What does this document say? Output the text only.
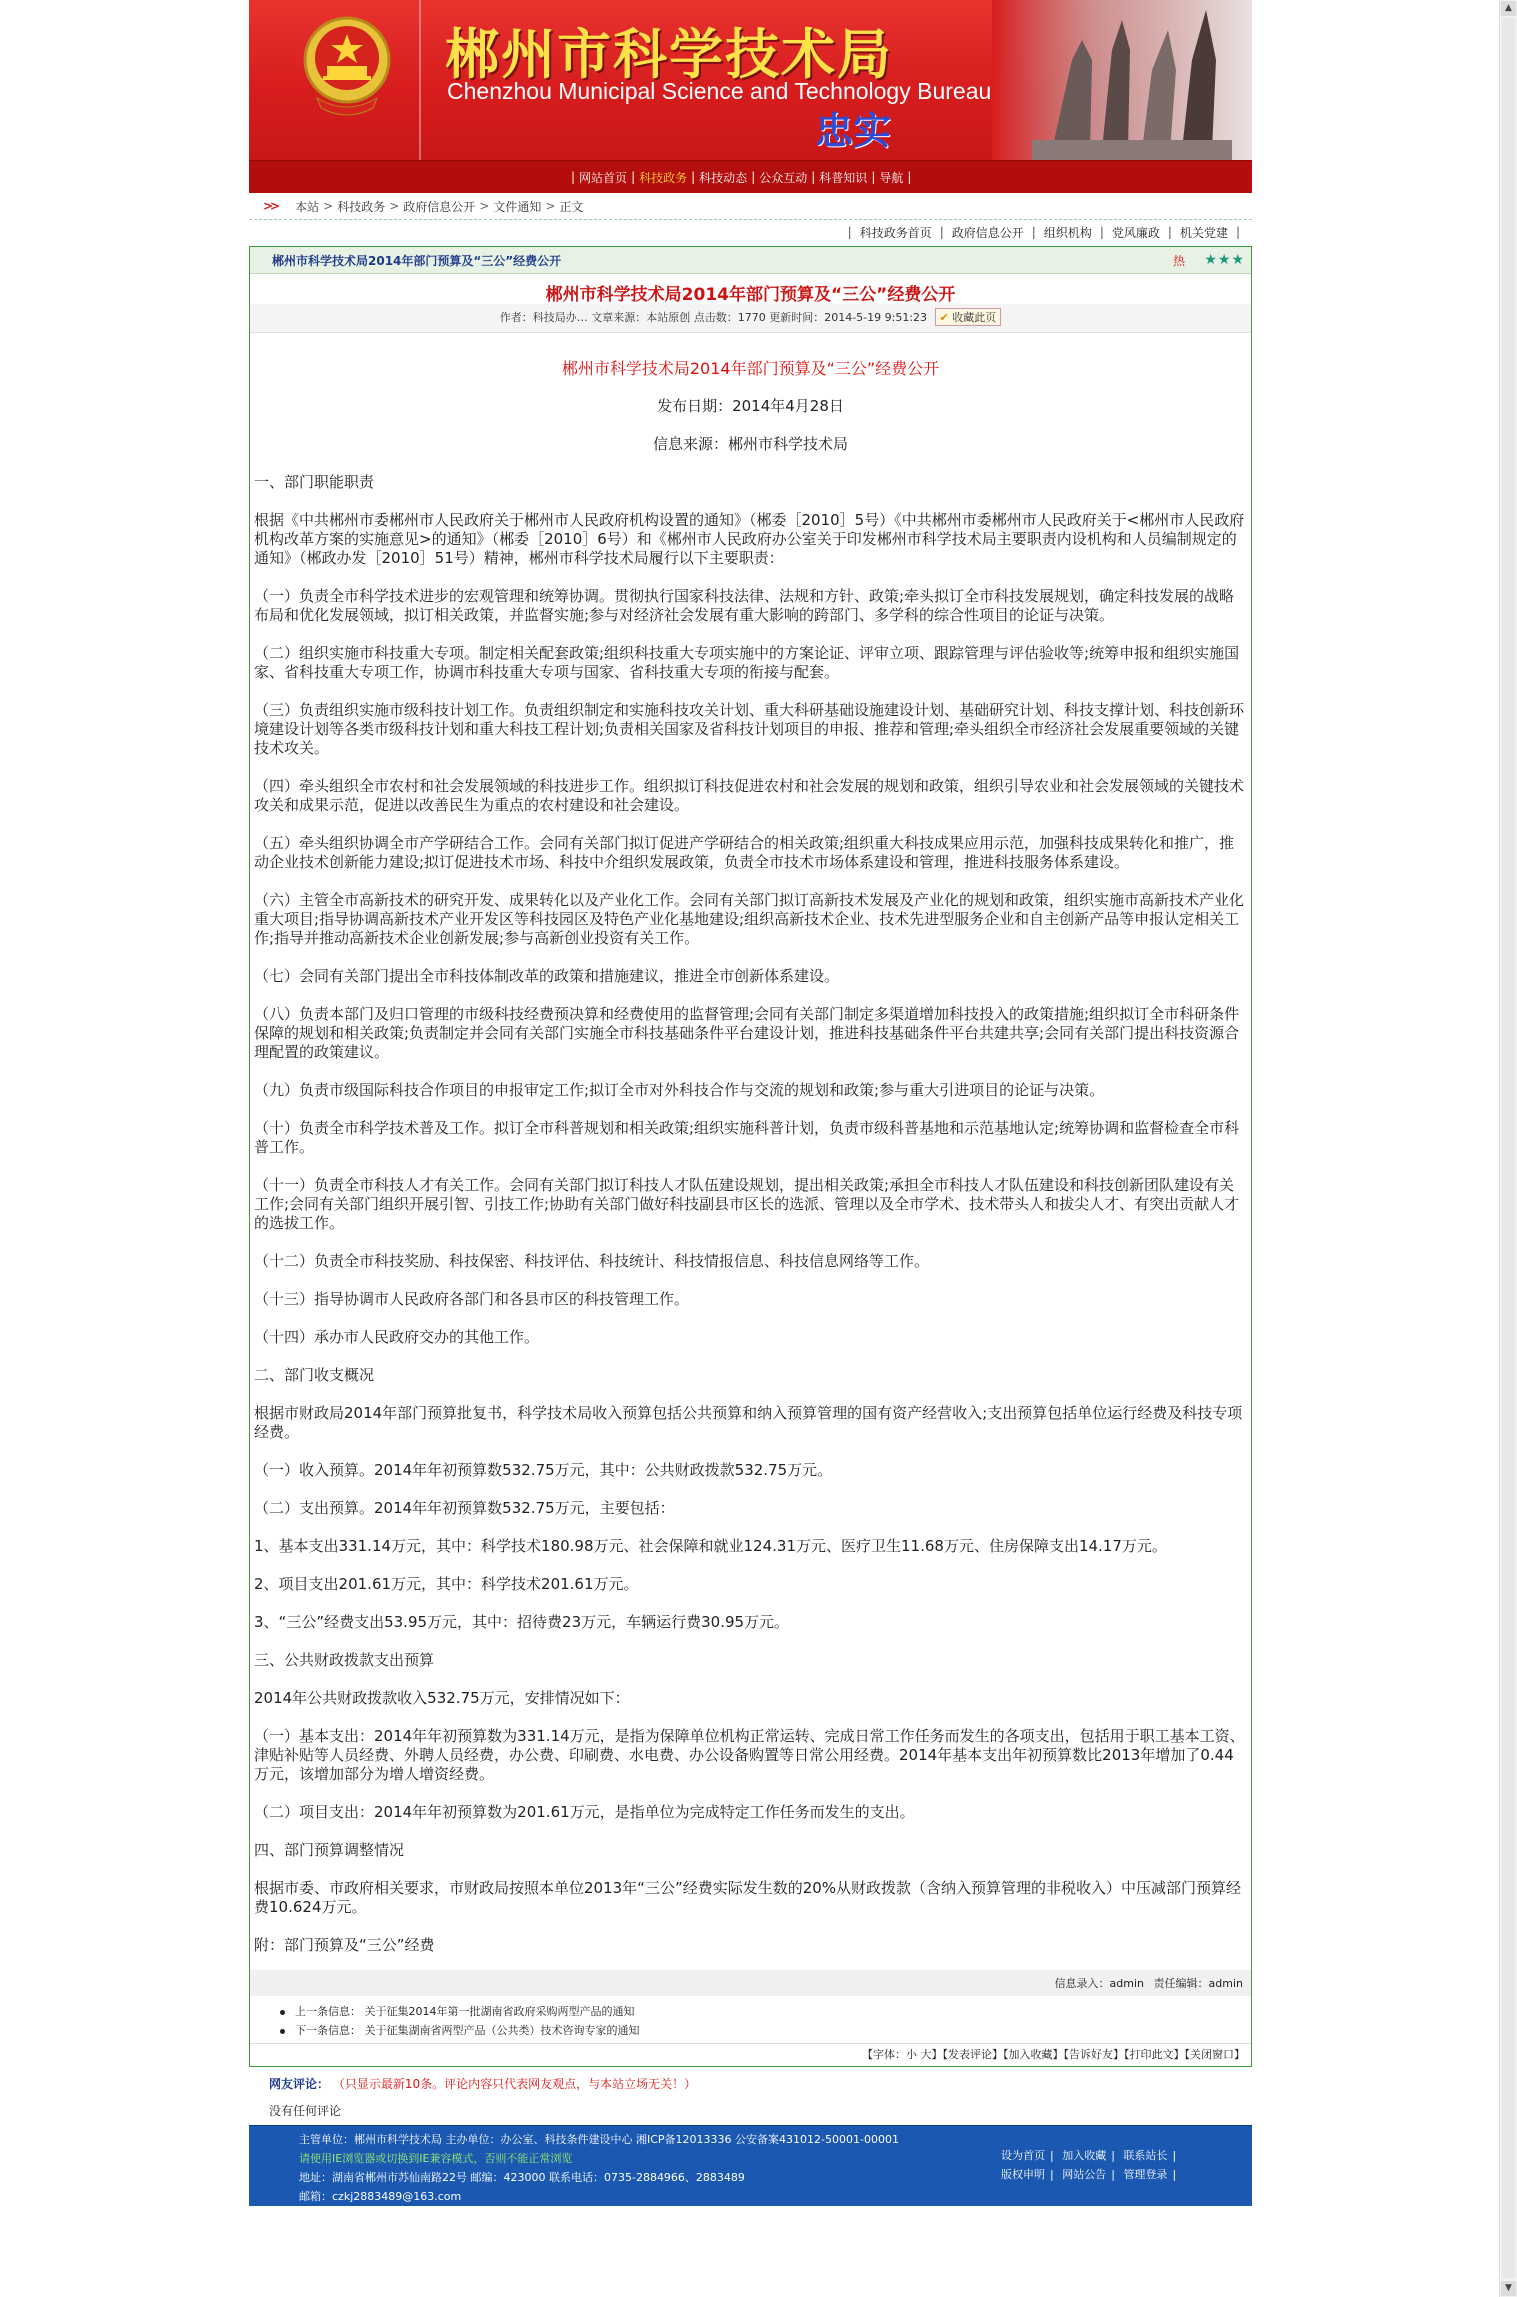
郴州市科学技术局
Chenzhou Municipal Science and Technology Bureau
忠实
| 网站首页 | 科技政务 | 科技动态 | 公众互动 | 科普知识 | 导航 |
>> 本站 > 科技政务 > 政府信息公开 > 文件通知 > 正文
| 科技政务首页 | 政府信息公开 | 组织机构 | 党风廉政 | 机关党建 |
郴州市科学技术局2014年部门预算及“三公”经费公开	热 ★★★
郴州市科学技术局2014年部门预算及“三公”经费公开
作者：科技局办… 文章来源：本站原创 点击数：1770 更新时间：2014-5-19 9:51:23 ✔ 收藏此页

郴州市科学技术局2014年部门预算及“三公”经费公开

发布日期：2014年4月28日

信息来源：郴州市科学技术局

一、部门职能职责

根据《中共郴州市委郴州市人民政府关于郴州市人民政府机构设置的通知》（郴委［2010］5号）《中共郴州市委郴州市人民政府关于<郴州市人民政府机构改革方案的实施意见>的通知》（郴委［2010］6号）和《郴州市人民政府办公室关于印发郴州市科学技术局主要职责内设机构和人员编制规定的通知》（郴政办发［2010］51号）精神，郴州市科学技术局履行以下主要职责：

（一）负责全市科学技术进步的宏观管理和统筹协调。贯彻执行国家科技法律、法规和方针、政策;牵头拟订全市科技发展规划，确定科技发展的战略布局和优化发展领域，拟订相关政策，并监督实施;参与对经济社会发展有重大影响的跨部门、多学科的综合性项目的论证与决策。

（二）组织实施市科技重大专项。制定相关配套政策;组织科技重大专项实施中的方案论证、评审立项、跟踪管理与评估验收等;统筹申报和组织实施国家、省科技重大专项工作，协调市科技重大专项与国家、省科技重大专项的衔接与配套。

（三）负责组织实施市级科技计划工作。负责组织制定和实施科技攻关计划、重大科研基础设施建设计划、基础研究计划、科技支撑计划、科技创新环境建设计划等各类市级科技计划和重大科技工程计划;负责相关国家及省科技计划项目的申报、推荐和管理;牵头组织全市经济社会发展重要领域的关键技术攻关。

（四）牵头组织全市农村和社会发展领域的科技进步工作。组织拟订科技促进农村和社会发展的规划和政策，组织引导农业和社会发展领域的关键技术攻关和成果示范，促进以改善民生为重点的农村建设和社会建设。

（五）牵头组织协调全市产学研结合工作。会同有关部门拟订促进产学研结合的相关政策;组织重大科技成果应用示范，加强科技成果转化和推广，推动企业技术创新能力建设;拟订促进技术市场、科技中介组织发展政策，负责全市技术市场体系建设和管理，推进科技服务体系建设。

（六）主管全市高新技术的研究开发、成果转化以及产业化工作。会同有关部门拟订高新技术发展及产业化的规划和政策，组织实施市高新技术产业化重大项目;指导协调高新技术产业开发区等科技园区及特色产业化基地建设;组织高新技术企业、技术先进型服务企业和自主创新产品等申报认定相关工作;指导并推动高新技术企业创新发展;参与高新创业投资有关工作。

（七）会同有关部门提出全市科技体制改革的政策和措施建议，推进全市创新体系建设。

（八）负责本部门及归口管理的市级科技经费预决算和经费使用的监督管理;会同有关部门制定多渠道增加科技投入的政策措施;组织拟订全市科研条件保障的规划和相关政策;负责制定并会同有关部门实施全市科技基础条件平台建设计划，推进科技基础条件平台共建共享;会同有关部门提出科技资源合理配置的政策建议。

（九）负责市级国际科技合作项目的申报审定工作;拟订全市对外科技合作与交流的规划和政策;参与重大引进项目的论证与决策。

（十）负责全市科学技术普及工作。拟订全市科普规划和相关政策;组织实施科普计划，负责市级科普基地和示范基地认定;统筹协调和监督检查全市科普工作。

（十一）负责全市科技人才有关工作。会同有关部门拟订科技人才队伍建设规划，提出相关政策;承担全市科技人才队伍建设和科技创新团队建设有关工作;会同有关部门组织开展引智、引技工作;协助有关部门做好科技副县市区长的选派、管理以及全市学术、技术带头人和拔尖人才、有突出贡献人才的选拔工作。

（十二）负责全市科技奖励、科技保密、科技评估、科技统计、科技情报信息、科技信息网络等工作。

（十三）指导协调市人民政府各部门和各县市区的科技管理工作。

（十四）承办市人民政府交办的其他工作。

二、部门收支概况

根据市财政局2014年部门预算批复书，科学技术局收入预算包括公共预算和纳入预算管理的国有资产经营收入;支出预算包括单位运行经费及科技专项经费。

（一）收入预算。2014年年初预算数532.75万元，其中：公共财政拨款532.75万元。

（二）支出预算。2014年年初预算数532.75万元，主要包括：

1、基本支出331.14万元，其中：科学技术180.98万元、社会保障和就业124.31万元、医疗卫生11.68万元、住房保障支出14.17万元。

2、项目支出201.61万元，其中：科学技术201.61万元。

3、“三公”经费支出53.95万元，其中：招待费23万元，车辆运行费30.95万元。

三、公共财政拨款支出预算

2014年公共财政拨款收入532.75万元，安排情况如下：

（一）基本支出：2014年年初预算数为331.14万元，是指为保障单位机构正常运转、完成日常工作任务而发生的各项支出，包括用于职工基本工资、津贴补贴等人员经费、外聘人员经费，办公费、印刷费、水电费、办公设备购置等日常公用经费。2014年基本支出年初预算数比2013年增加了0.44万元，该增加部分为增人增资经费。

（二）项目支出：2014年年初预算数为201.61万元，是指单位为完成特定工作任务而发生的支出。

四、部门预算调整情况

根据市委、市政府相关要求，市财政局按照本单位2013年“三公”经费实际发生数的20%从财政拨款（含纳入预算管理的非税收入）中压减部门预算经费10.624万元。

附：部门预算及“三公”经费

信息录入：admin 责任编辑：admin
上一条信息： 关于征集2014年第一批湖南省政府采购两型产品的通知
下一条信息： 关于征集湖南省两型产品（公共类）技术咨询专家的通知
【字体：小 大】【发表评论】【加入收藏】【告诉好友】【打印此文】【关闭窗口】
网友评论： （只显示最新10条。评论内容只代表网友观点，与本站立场无关！）
没有任何评论
主管单位：郴州市科学技术局 主办单位：办公室、科技条件建设中心 湘ICP备12013336 公安备案431012-50001-00001
请使用IE浏览器或切换到IE兼容模式，否则不能正常浏览
地址：湖南省郴州市苏仙南路22号 邮编：423000 联系电话：0735-2884966、2883489
邮箱：czkj2883489@163.com
设为首页 | 加入收藏 | 联系站长 |
版权申明 | 网站公告 | 管理登录 |
▲
▼
